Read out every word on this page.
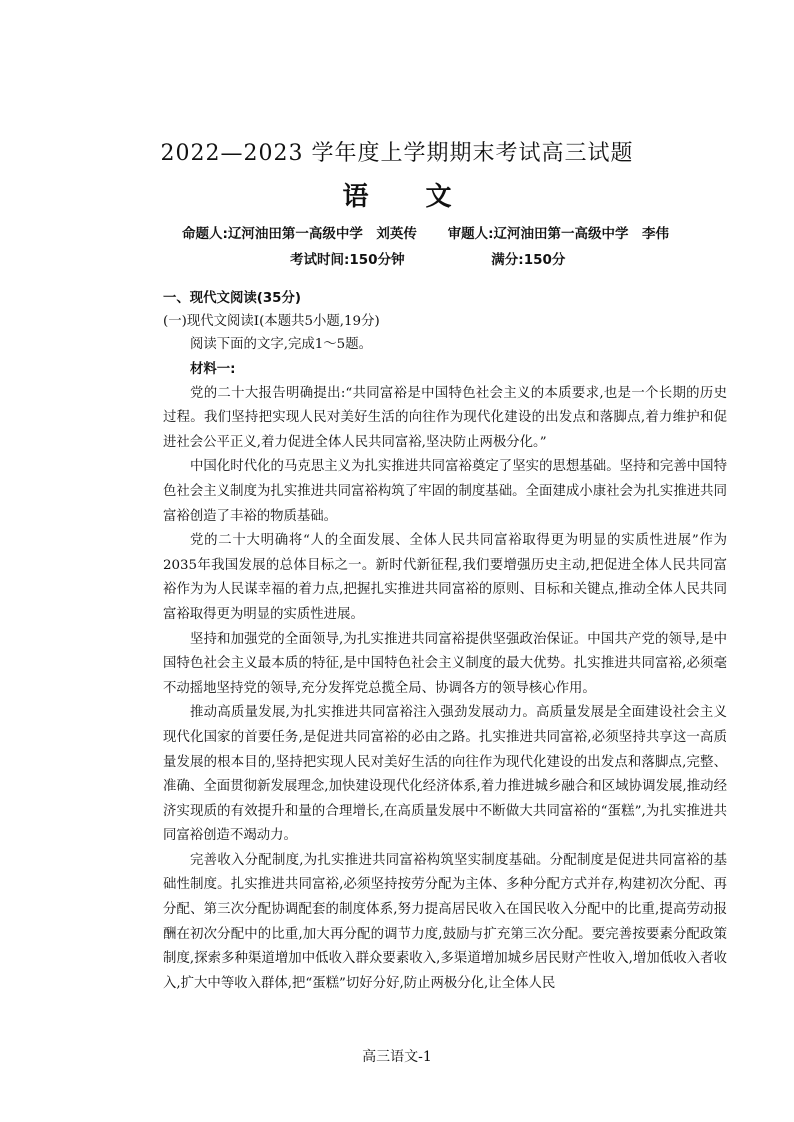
2022—2023 学年度上学期期末考试高三试题
语 文
命题人:辽河油田第一高级中学　刘英传 审题人:辽河油田第一高级中学　李伟
考试时间:150分钟	满分:150分
一、现代文阅读(35分)
(一)现代文阅读Ⅰ(本题共5小题,19分)
阅读下面的文字,完成1～5题。
材料一:

党的二十大报告明确提出:“共同富裕是中国特色社会主义的本质要求,也是一个长期的历史过程。我们坚持把实现人民对美好生活的向往作为现代化建设的出发点和落脚点,着力维护和促进社会公平正义,着力促进全体人民共同富裕,坚决防止两极分化。”

中国化时代化的马克思主义为扎实推进共同富裕奠定了坚实的思想基础。坚持和完善中国特色社会主义制度为扎实推进共同富裕构筑了牢固的制度基础。全面建成小康社会为扎实推进共同富裕创造了丰裕的物质基础。

党的二十大明确将“人的全面发展、全体人民共同富裕取得更为明显的实质性进展”作为2035年我国发展的总体目标之一。新时代新征程,我们要增强历史主动,把促进全体人民共同富裕作为为人民谋幸福的着力点,把握扎实推进共同富裕的原则、目标和关键点,推动全体人民共同富裕取得更为明显的实质性进展。

坚持和加强党的全面领导,为扎实推进共同富裕提供坚强政治保证。中国共产党的领导,是中国特色社会主义最本质的特征,是中国特色社会主义制度的最大优势。扎实推进共同富裕,必须毫不动摇地坚持党的领导,充分发挥党总揽全局、协调各方的领导核心作用。

推动高质量发展,为扎实推进共同富裕注入强劲发展动力。高质量发展是全面建设社会主义现代化国家的首要任务,是促进共同富裕的必由之路。扎实推进共同富裕,必须坚持共享这一高质量发展的根本目的,坚持把实现人民对美好生活的向往作为现代化建设的出发点和落脚点,完整、准确、全面贯彻新发展理念,加快建设现代化经济体系,着力推进城乡融合和区域协调发展,推动经济实现质的有效提升和量的合理增长,在高质量发展中不断做大共同富裕的“蛋糕”,为扎实推进共同富裕创造不竭动力。

完善收入分配制度,为扎实推进共同富裕构筑坚实制度基础。分配制度是促进共同富裕的基础性制度。扎实推进共同富裕,必须坚持按劳分配为主体、多种分配方式并存,构建初次分配、再分配、第三次分配协调配套的制度体系,努力提高居民收入在国民收入分配中的比重,提高劳动报酬在初次分配中的比重,加大再分配的调节力度,鼓励与扩充第三次分配。要完善按要素分配政策制度,探索多种渠道增加中低收入群众要素收入,多渠道增加城乡居民财产性收入,增加低收入者收入,扩大中等收入群体,把“蛋糕”切好分好,防止两极分化,让全体人民

高三语文-1
